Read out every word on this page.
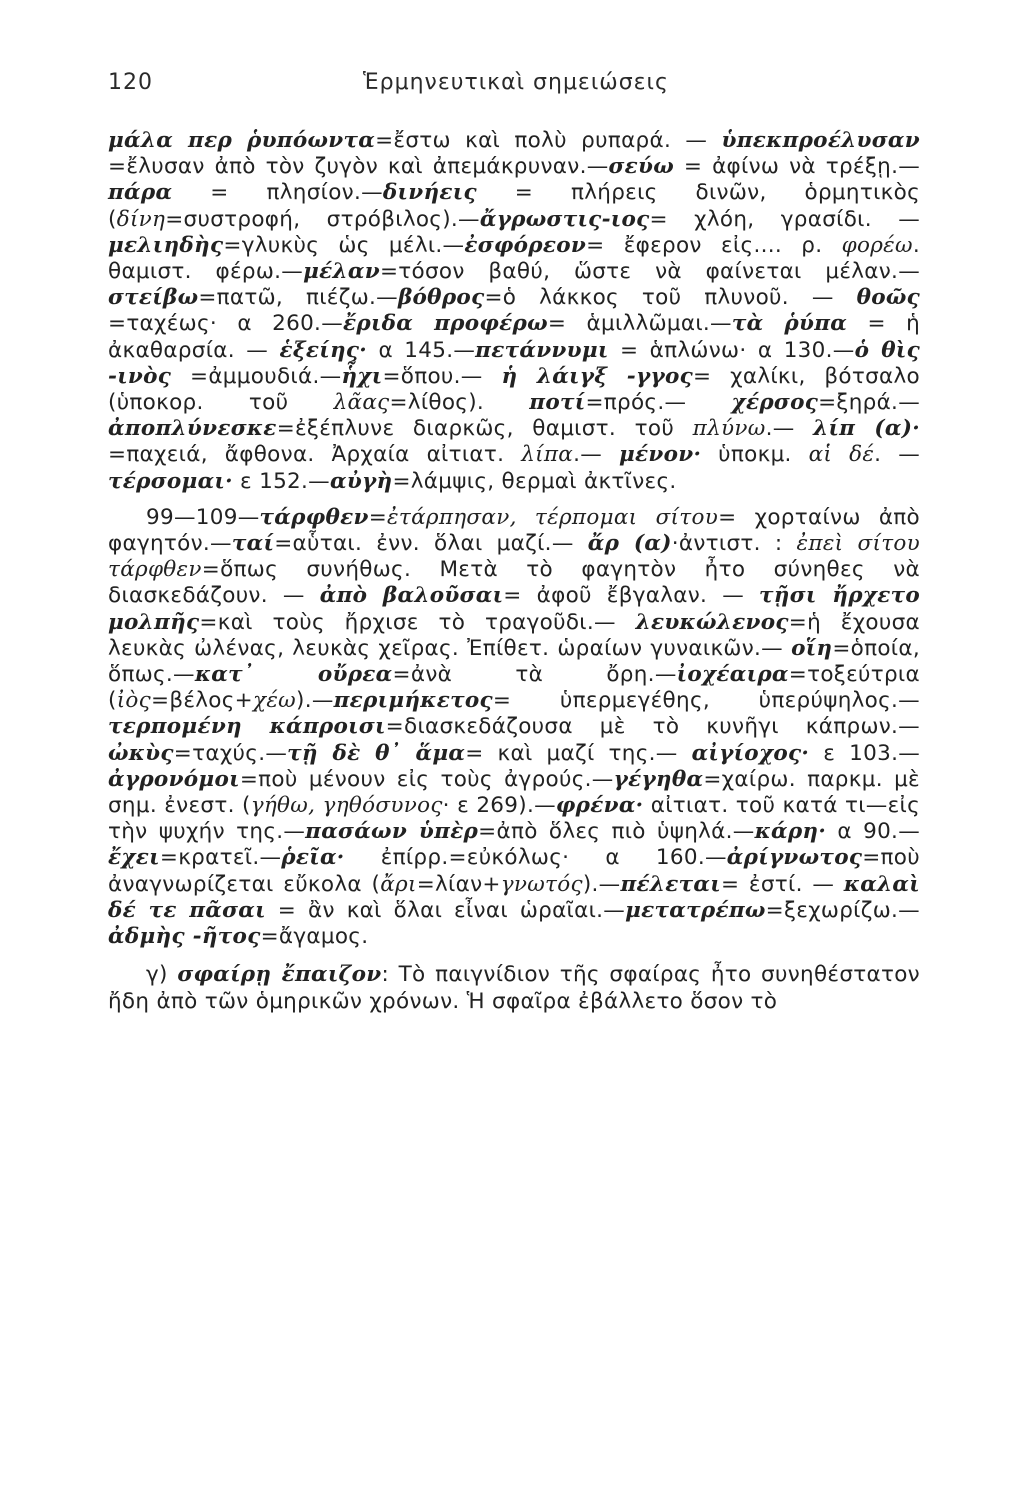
120	Ἑρμηνευτικαὶ σημειώσεις

μάλα περ ῥυπόωντα=ἔστω καὶ πολὺ ρυπαρά. — ὑπεκπροέλυσαν =ἔλυσαν ἀπὸ τὸν ζυγὸν καὶ ἀπεμάκρυναν.—σεύω = ἀφίνω νὰ τρέξῃ.—πάρα = πλησίον.—δινήεις = πλήρεις δινῶν, ὁρμητικὸς (δίνη=συστροφή, στρόβιλος).—ἄγρωστις-ιος= χλόη, γρασίδι. — μελιηδὴς=γλυκὺς ὡς μέλι.—ἐσφόρεον= ἔφερον εἰς.... ρ. φορέω. θαμιστ. φέρω.—μέλαν=τόσον βαθύ, ὥστε νὰ φαίνεται μέλαν.— στείβω=πατῶ, πιέζω.—βόθρος=ὁ λάκκος τοῦ πλυνοῦ. — θοῶς =ταχέως· α 260.—ἔριδα προφέρω= ἁμιλλῶμαι.—τὰ ῥύπα = ἡ ἀκαθαρσία. — ἑξείης· α 145.—πετάννυμι = ἁπλώνω· α 130.—ὁ θὶς -ινὸς =ἀμμουδιά.—ἧχι=ὅπου.— ἡ λάιγξ -γγος= χαλίκι, βότσαλο (ὑποκορ. τοῦ λᾶας=λίθος). ποτί=πρός.— χέρσος=ξηρά.— ἀποπλύνεσκε=ἐξέπλυνε διαρκῶς, θαμιστ. τοῦ πλύνω.— λίπ (α)· =παχειά, ἄφθονα. Ἀρχαία αἰτιατ. λίπα.— μένον· ὑποκμ. αἱ δέ. —τέρσομαι· ε 152.—αὐγὴ=λάμψις, θερμαὶ ἀκτῖνες.

99—109—τάρφθεν=ἐτάρπησαν, τέρπομαι σίτου= χορταίνω ἀπὸ φαγητόν.—ταί=αὗται. ἐνν. ὅλαι μαζί.— ἄρ (α)·ἀντιστ. : ἐπεὶ σίτου τάρφθεν=ὅπως συνήθως. Μετὰ τὸ φαγητὸν ἦτο σύνηθες νὰ διασκεδάζουν. — ἀπὸ βαλοῦσαι= ἀφοῦ ἔβγαλαν. — τῇσι ἤρχετο μολπῆς=καὶ τοὺς ἤρχισε τὸ τραγοῦδι.— λευκώλενος=ἡ ἔχουσα λευκὰς ὠλένας, λευκὰς χεῖρας. Ἐπίθετ. ὡραίων γυναικῶν.— οἵη=ὁποία, ὅπως.—κατ᾽ οὔρεα=ἀνὰ τὰ ὄρη.—ἰοχέαιρα=τοξεύτρια (ἰὸς=βέλος+χέω).—περιμήκετος= ὑπερμεγέθης, ὑπερύψηλος.—τερπομένη κάπροισι=διασκεδάζουσα μὲ τὸ κυνῆγι κάπρων.—ὠκὺς=ταχύς.—τῇ δὲ θ᾽ ἅμα= καὶ μαζί της.— αἰγίοχος· ε 103.—ἀγρονόμοι=ποὺ μένουν εἰς τοὺς ἀγρούς.—γέγηθα=χαίρω. παρκμ. μὲ σημ. ἐνεστ. (γήθω, γηθόσυνος· ε 269).—φρένα· αἰτιατ. τοῦ κατά τι—εἰς τὴν ψυχήν της.—πασάων ὑπὲρ=ἀπὸ ὅλες πιὸ ὑψηλά.—κάρη· α 90.—ἔχει=κρατεῖ.—ῥεῖα· ἐπίρρ.=εὐκόλως· α 160.—ἀρίγνωτος=ποὺ ἀναγνωρίζεται εὔκολα (ἄρι=λίαν+γνωτός).—πέλεται= ἐστί. — καλαὶ δέ τε πᾶσαι = ἂν καὶ ὅλαι εἶναι ὡραῖαι.—μετατρέπω=ξεχωρίζω.—ἀδμὴς -ῆτος=ἄγαμος.

γ) σφαίρῃ ἔπαιζον: Τὸ παιγνίδιον τῆς σφαίρας ἦτο συνηθέστατον ἤδη ἀπὸ τῶν ὁμηρικῶν χρόνων. Ἡ σφαῖρα ἐβάλλετο ὅσον τὸ
